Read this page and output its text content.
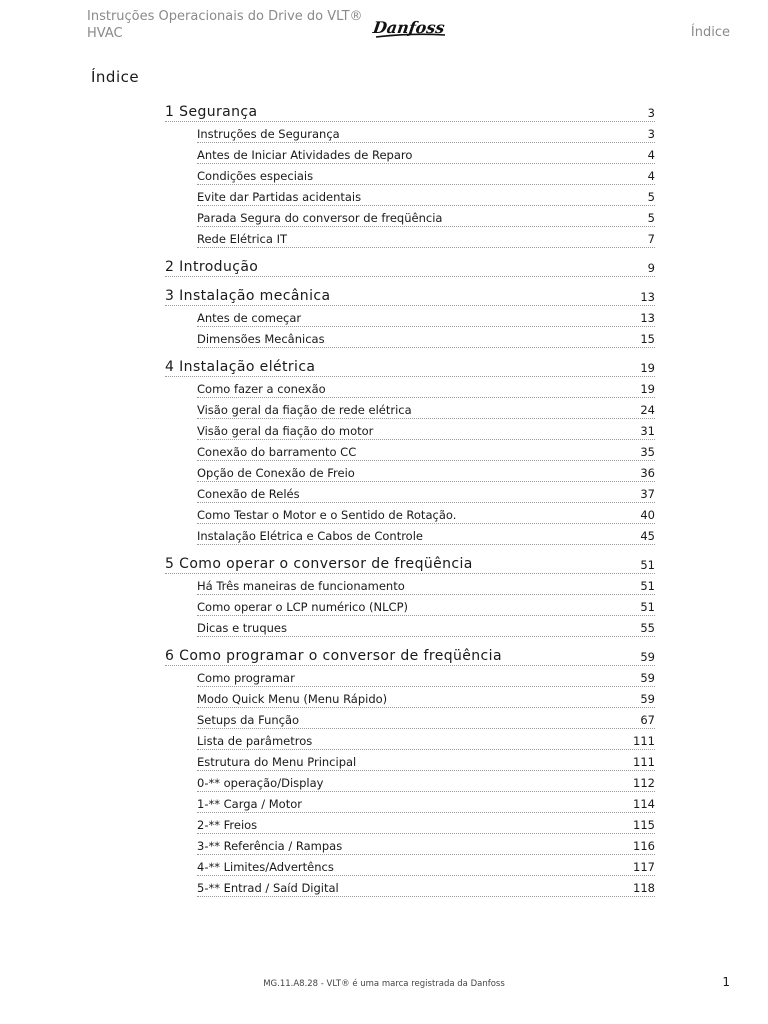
Instruções Operacionais do Drive do VLT®
HVAC	Danfoss	Índice
Índice
1 Segurança	3
Instruções de Segurança	3
Antes de Iniciar Atividades de Reparo	4
Condições especiais	4
Evite dar Partidas acidentais	5
Parada Segura do conversor de freqüência	5
Rede Elétrica IT	7
2 Introdução	9
3 Instalação mecânica	13
Antes de começar	13
Dimensões Mecânicas	15
4 Instalação elétrica	19
Como fazer a conexão	19
Visão geral da fiação de rede elétrica	24
Visão geral da fiação do motor	31
Conexão do barramento CC	35
Opção de Conexão de Freio	36
Conexão de Relés	37
Como Testar o Motor e o Sentido de Rotação.	40
Instalação Elétrica e Cabos de Controle	45
5 Como operar o conversor de freqüência	51
Há Três maneiras de funcionamento	51
Como operar o LCP numérico (NLCP)	51
Dicas e truques	55
6 Como programar o conversor de freqüência	59
Como programar	59
Modo Quick Menu (Menu Rápido)	59
Setups da Função	67
Lista de parâmetros	111
Estrutura do Menu Principal	111
0-** operação/Display	112
1-** Carga / Motor	114
2-** Freios	115
3-** Referência / Rampas	116
4-** Limites/Advertêncs	117
5-** Entrad / Saíd Digital	118
MG.11.A8.28 - VLT® é uma marca registrada da Danfoss	1
